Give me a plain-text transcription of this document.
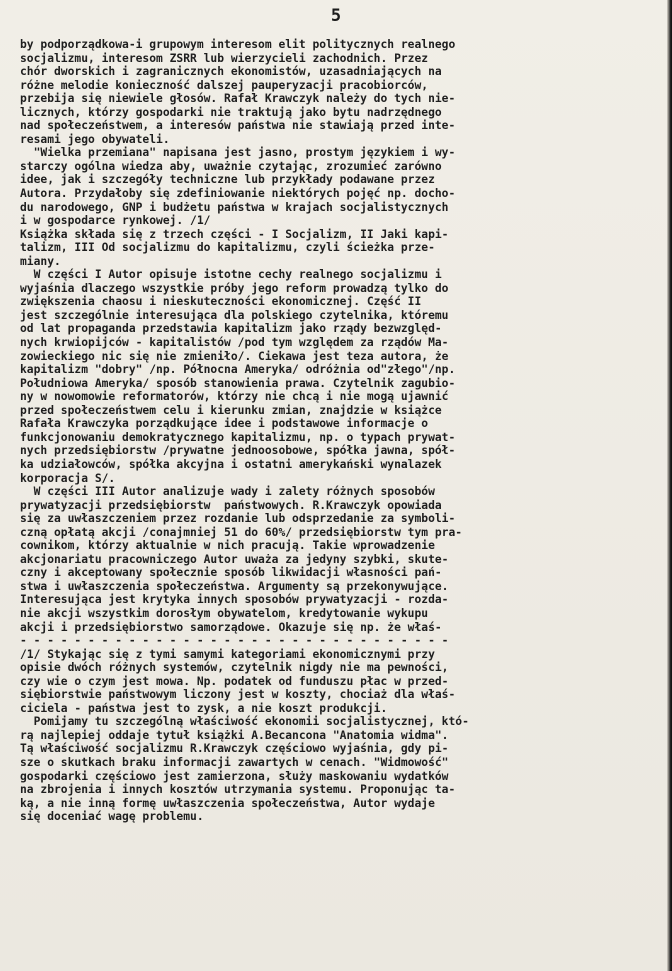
5
by podporządkowa-i grupowym interesom elit politycznych realnego
socjalizmu, interesom ZSRR lub wierzycieli zachodnich. Przez
chór dworskich i zagranicznych ekonomistów, uzasadniających na
różne melodie konieczność dalszej pauperyzacji pracobiorców,
przebija się niewiele głosów. Rafał Krawczyk należy do tych nie-
licznych, którzy gospodarki nie traktują jako bytu nadrzędnego
nad społeczeństwem, a interesów państwa nie stawiają przed inte-
resami jego obywateli.
"Wielka przemiana" napisana jest jasno, prostym językiem i wy-
starczy ogólna wiedza aby, uważnie czytając, zrozumieć zarówno
idee, jak i szczegóły techniczne lub przykłady podawane przez
Autora. Przydałoby się zdefiniowanie niektórych pojęć np. docho-
du narodowego, GNP i budżetu państwa w krajach socjalistycznych
i w gospodarce rynkowej. /1/
Książka składa się z trzech części - I Socjalizm, II Jaki kapi-
talizm, III Od socjalizmu do kapitalizmu, czyli ścieżka prze-
miany.
W części I Autor opisuje istotne cechy realnego socjalizmu i
wyjaśnia dlaczego wszystkie próby jego reform prowadzą tylko do
zwiększenia chaosu i nieskuteczności ekonomicznej. Część II
jest szczególnie interesująca dla polskiego czytelnika, któremu
od lat propaganda przedstawia kapitalizm jako rządy bezwzględ-
nych krwiopijców - kapitalistów /pod tym względem za rządów Ma-
zowieckiego nic się nie zmieniło/. Ciekawa jest teza autora, że
kapitalizm "dobry" /np. Północna Ameryka/ odróżnia od"złego"/np.
Południowa Ameryka/ sposób stanowienia prawa. Czytelnik zagubio-
ny w nowomowie reformatorów, którzy nie chcą i nie mogą ujawnić
przed społeczeństwem celu i kierunku zmian, znajdzie w książce
Rafała Krawczyka porządkujące idee i podstawowe informacje o
funkcjonowaniu demokratycznego kapitalizmu, np. o typach prywat-
nych przedsiębiorstw /prywatne jednoosobowe, spółka jawna, spół-
ka udziałowców, spółka akcyjna i ostatni amerykański wynalazek
korporacja S/.
W części III Autor analizuje wady i zalety różnych sposobów
prywatyzacji przedsiębiorstw  państwowych. R.Krawczyk opowiada
się za uwłaszczeniem przez rozdanie lub odsprzedanie za symboli-
czną opłatą akcji /conajmniej 51 do 60%/ przedsiębiorstw tym pra-
cownikom, którzy aktualnie w nich pracują. Takie wprowadzenie
akcjonariatu pracowniczego Autor uważa za jedyny szybki, skute-
czny i akceptowany społecznie sposób likwidacji własności pań-
stwa i uwłaszczenia społeczeństwa. Argumenty są przekonywujące.
Interesująca jest krytyka innych sposobów prywatyzacji - rozda-
nie akcji wszystkim dorosłym obywatelom, kredytowanie wykupu
akcji i przedsiębiorstwo samorządowe. Okazuje się np. że właś-
- - - - - - - - - - - - - - - - - - - - - - - - - - - - - - - -
/1/ Stykając się z tymi samymi kategoriami ekonomicznymi przy
opisie dwóch różnych systemów, czytelnik nigdy nie ma pewności,
czy wie o czym jest mowa. Np. podatek od funduszu płac w przed-
siębiorstwie państwowym liczony jest w koszty, chociaż dla właś-
ciciela - państwa jest to zysk, a nie koszt produkcji.
Pomijamy tu szczególną właściwość ekonomii socjalistycznej, któ-
rą najlepiej oddaje tytuł książki A.Becancona "Anatomia widma".
Tą właściwość socjalizmu R.Krawczyk częściowo wyjaśnia, gdy pi-
sze o skutkach braku informacji zawartych w cenach. "Widmowość"
gospodarki częściowo jest zamierzona, służy maskowaniu wydatków
na zbrojenia i innych kosztów utrzymania systemu. Proponując ta-
ką, a nie inną formę uwłaszczenia społeczeństwa, Autor wydaje
się doceniać wagę problemu.
